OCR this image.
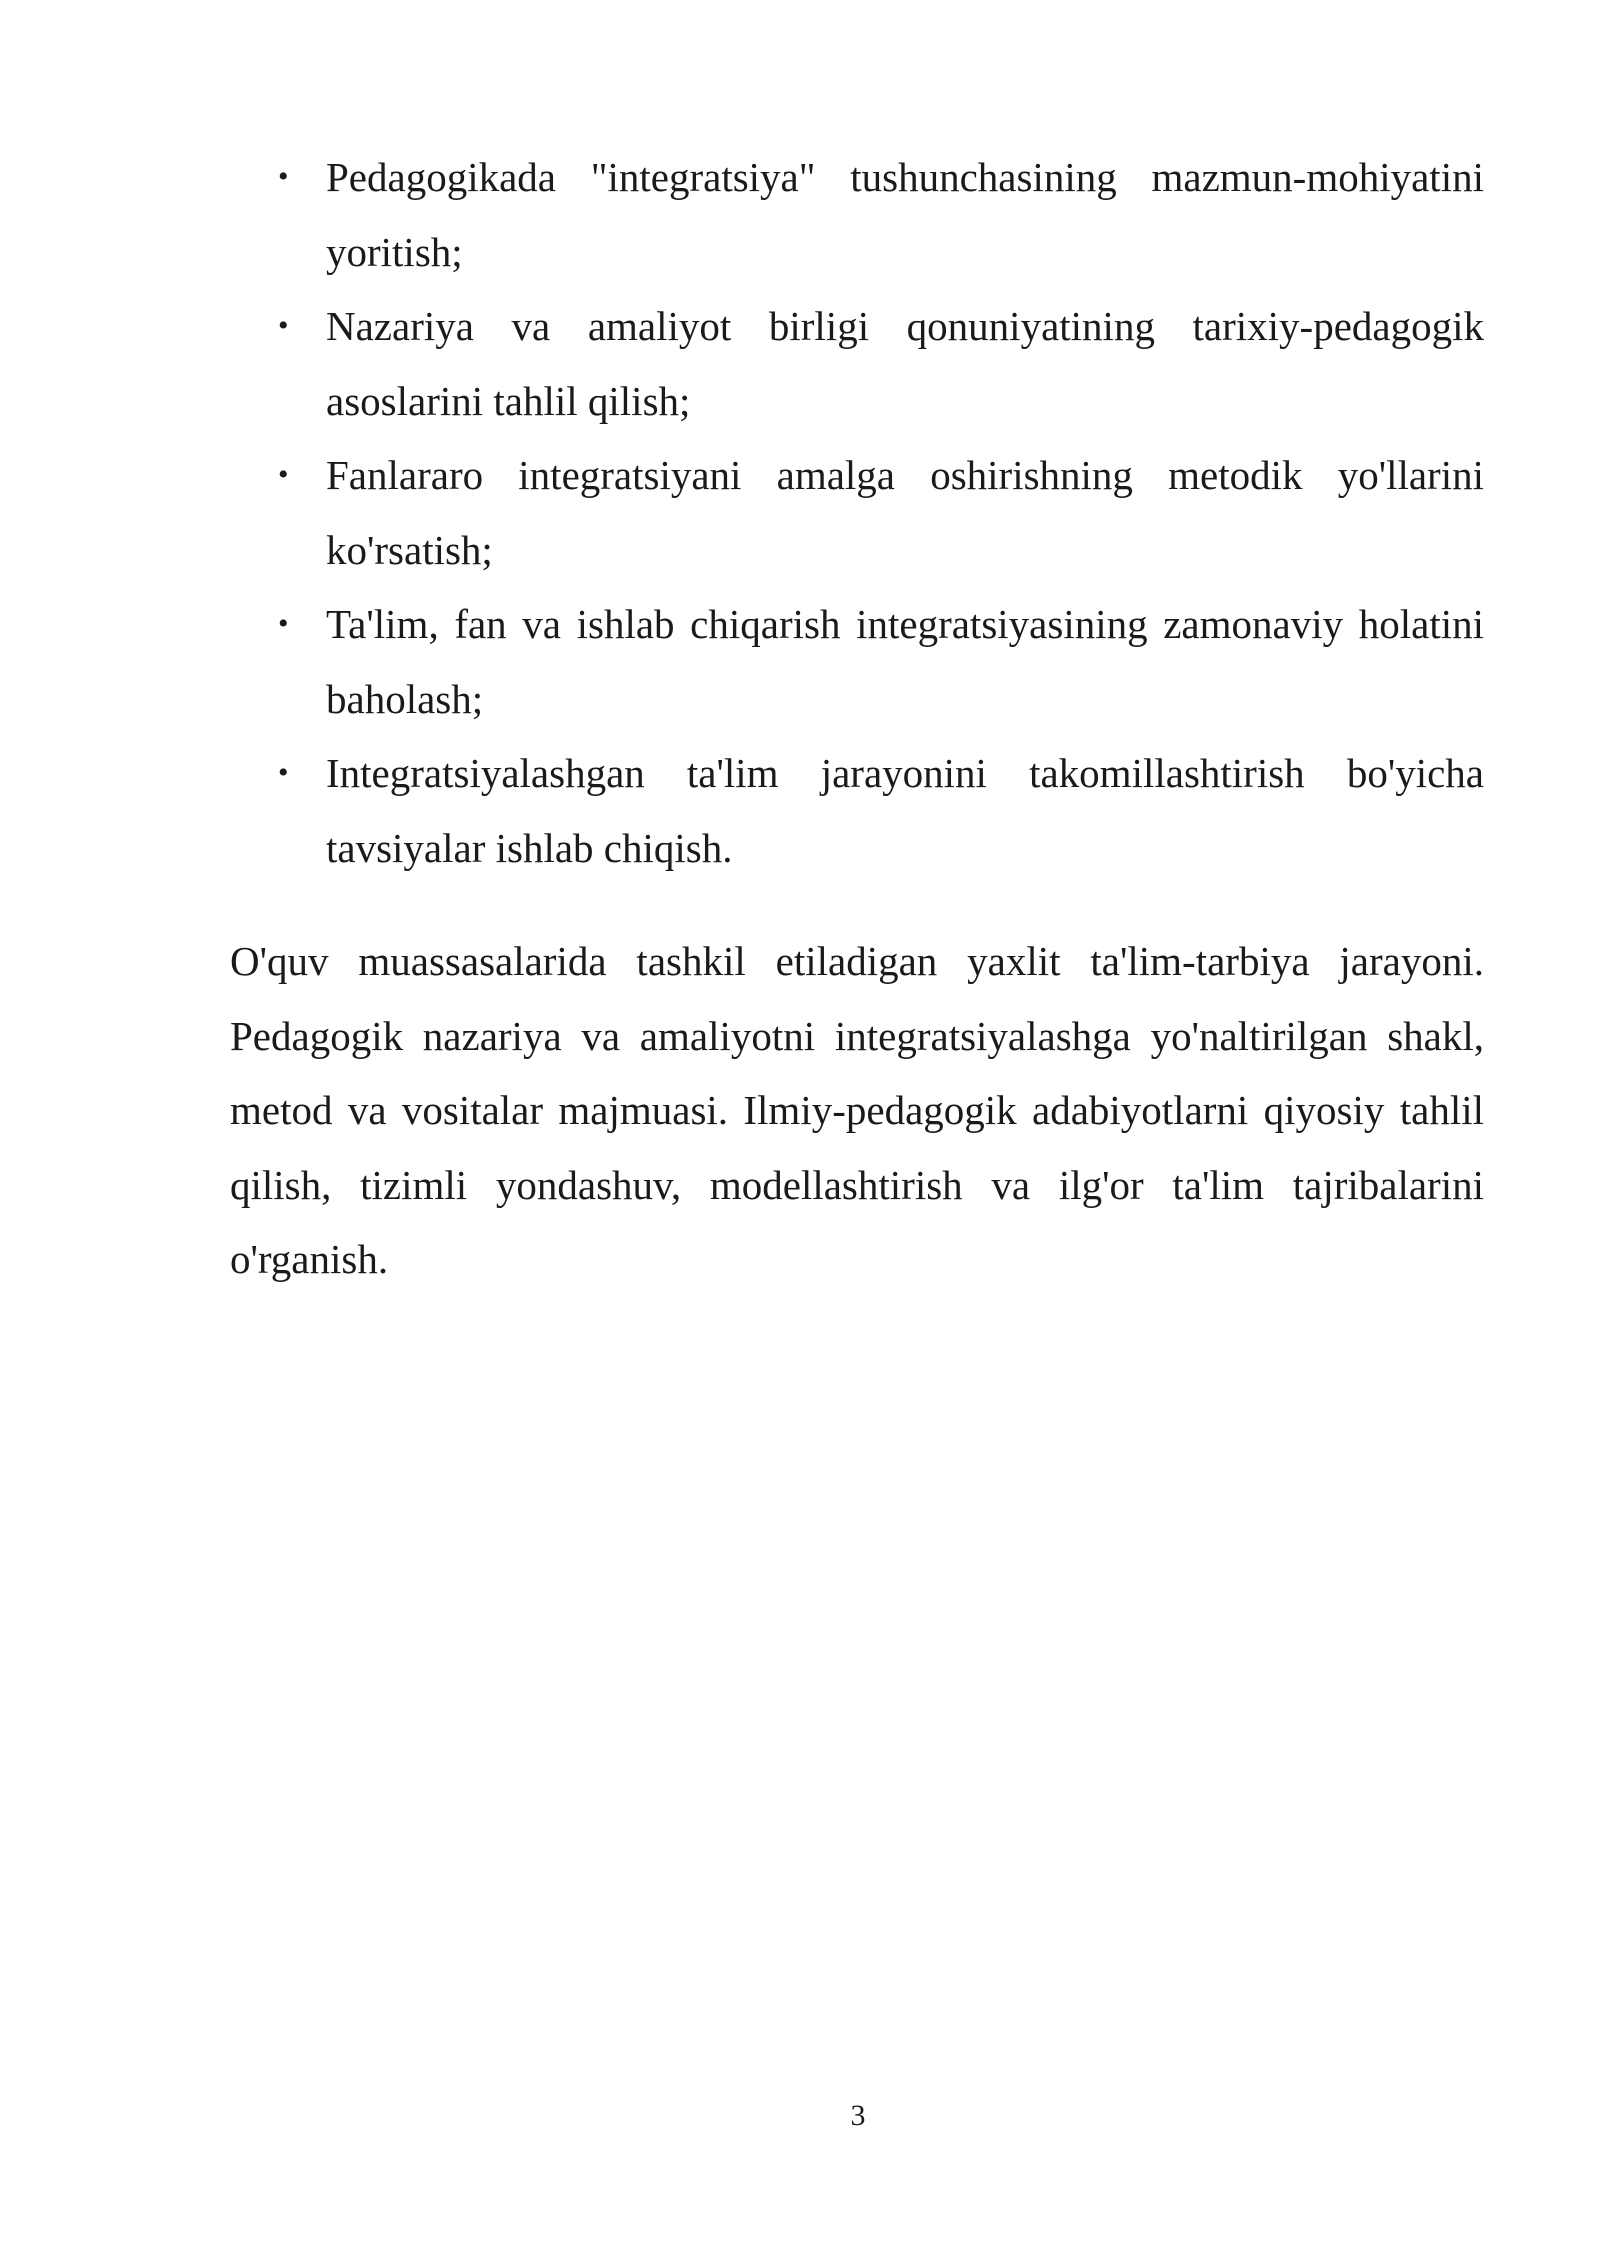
• Pedagogikada "integratsiya" tushunchasining mazmun-mohiyatini yoritish;
• Nazariya va amaliyot birligi qonuniyatining tarixiy-pedagogik asoslarini tahlil qilish;
• Fanlararo integratsiyani amalga oshirishning metodik yo'llarini ko'rsatish;
• Ta'lim, fan va ishlab chiqarish integratsiyasining zamonaviy holatini baholash;
• Integratsiyalashgan ta'lim jarayonini takomillashtirish bo'yicha tavsiyalar ishlab chiqish.

O'quv muassasalarida tashkil etiladigan yaxlit ta'lim-tarbiya jarayoni. Pedagogik nazariya va amaliyotni integratsiyalashga yo'naltirilgan shakl, metod va vositalar majmuasi. Ilmiy-pedagogik adabiyotlarni qiyosiy tahlil qilish, tizimli yondashuv, modellashtirish va ilg'or ta'lim tajribalarini o'rganish.

3
